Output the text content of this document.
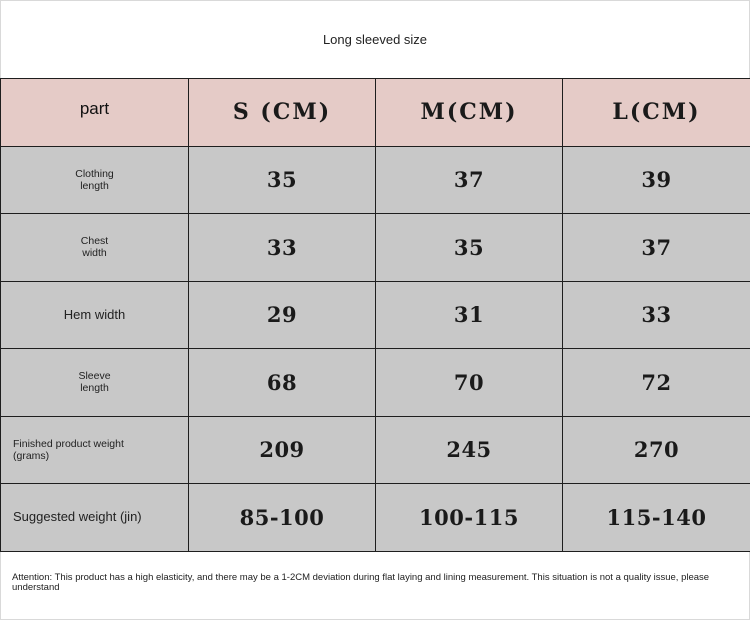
Long sleeved size
part	S (CM)	M(CM)	L(CM)

Clothing
length	35	37	39

Chest
width	33	35	37

Hem width	29	31	33

Sleeve
length	68	70	72

Finished product weight
(grams)	209	245	270

Suggested weight (jin)	85-100	100-115	115-140
Attention: This product has a high elasticity, and there may be a 1-2CM deviation during flat laying and lining measurement. This situation is not a quality issue, please understand
